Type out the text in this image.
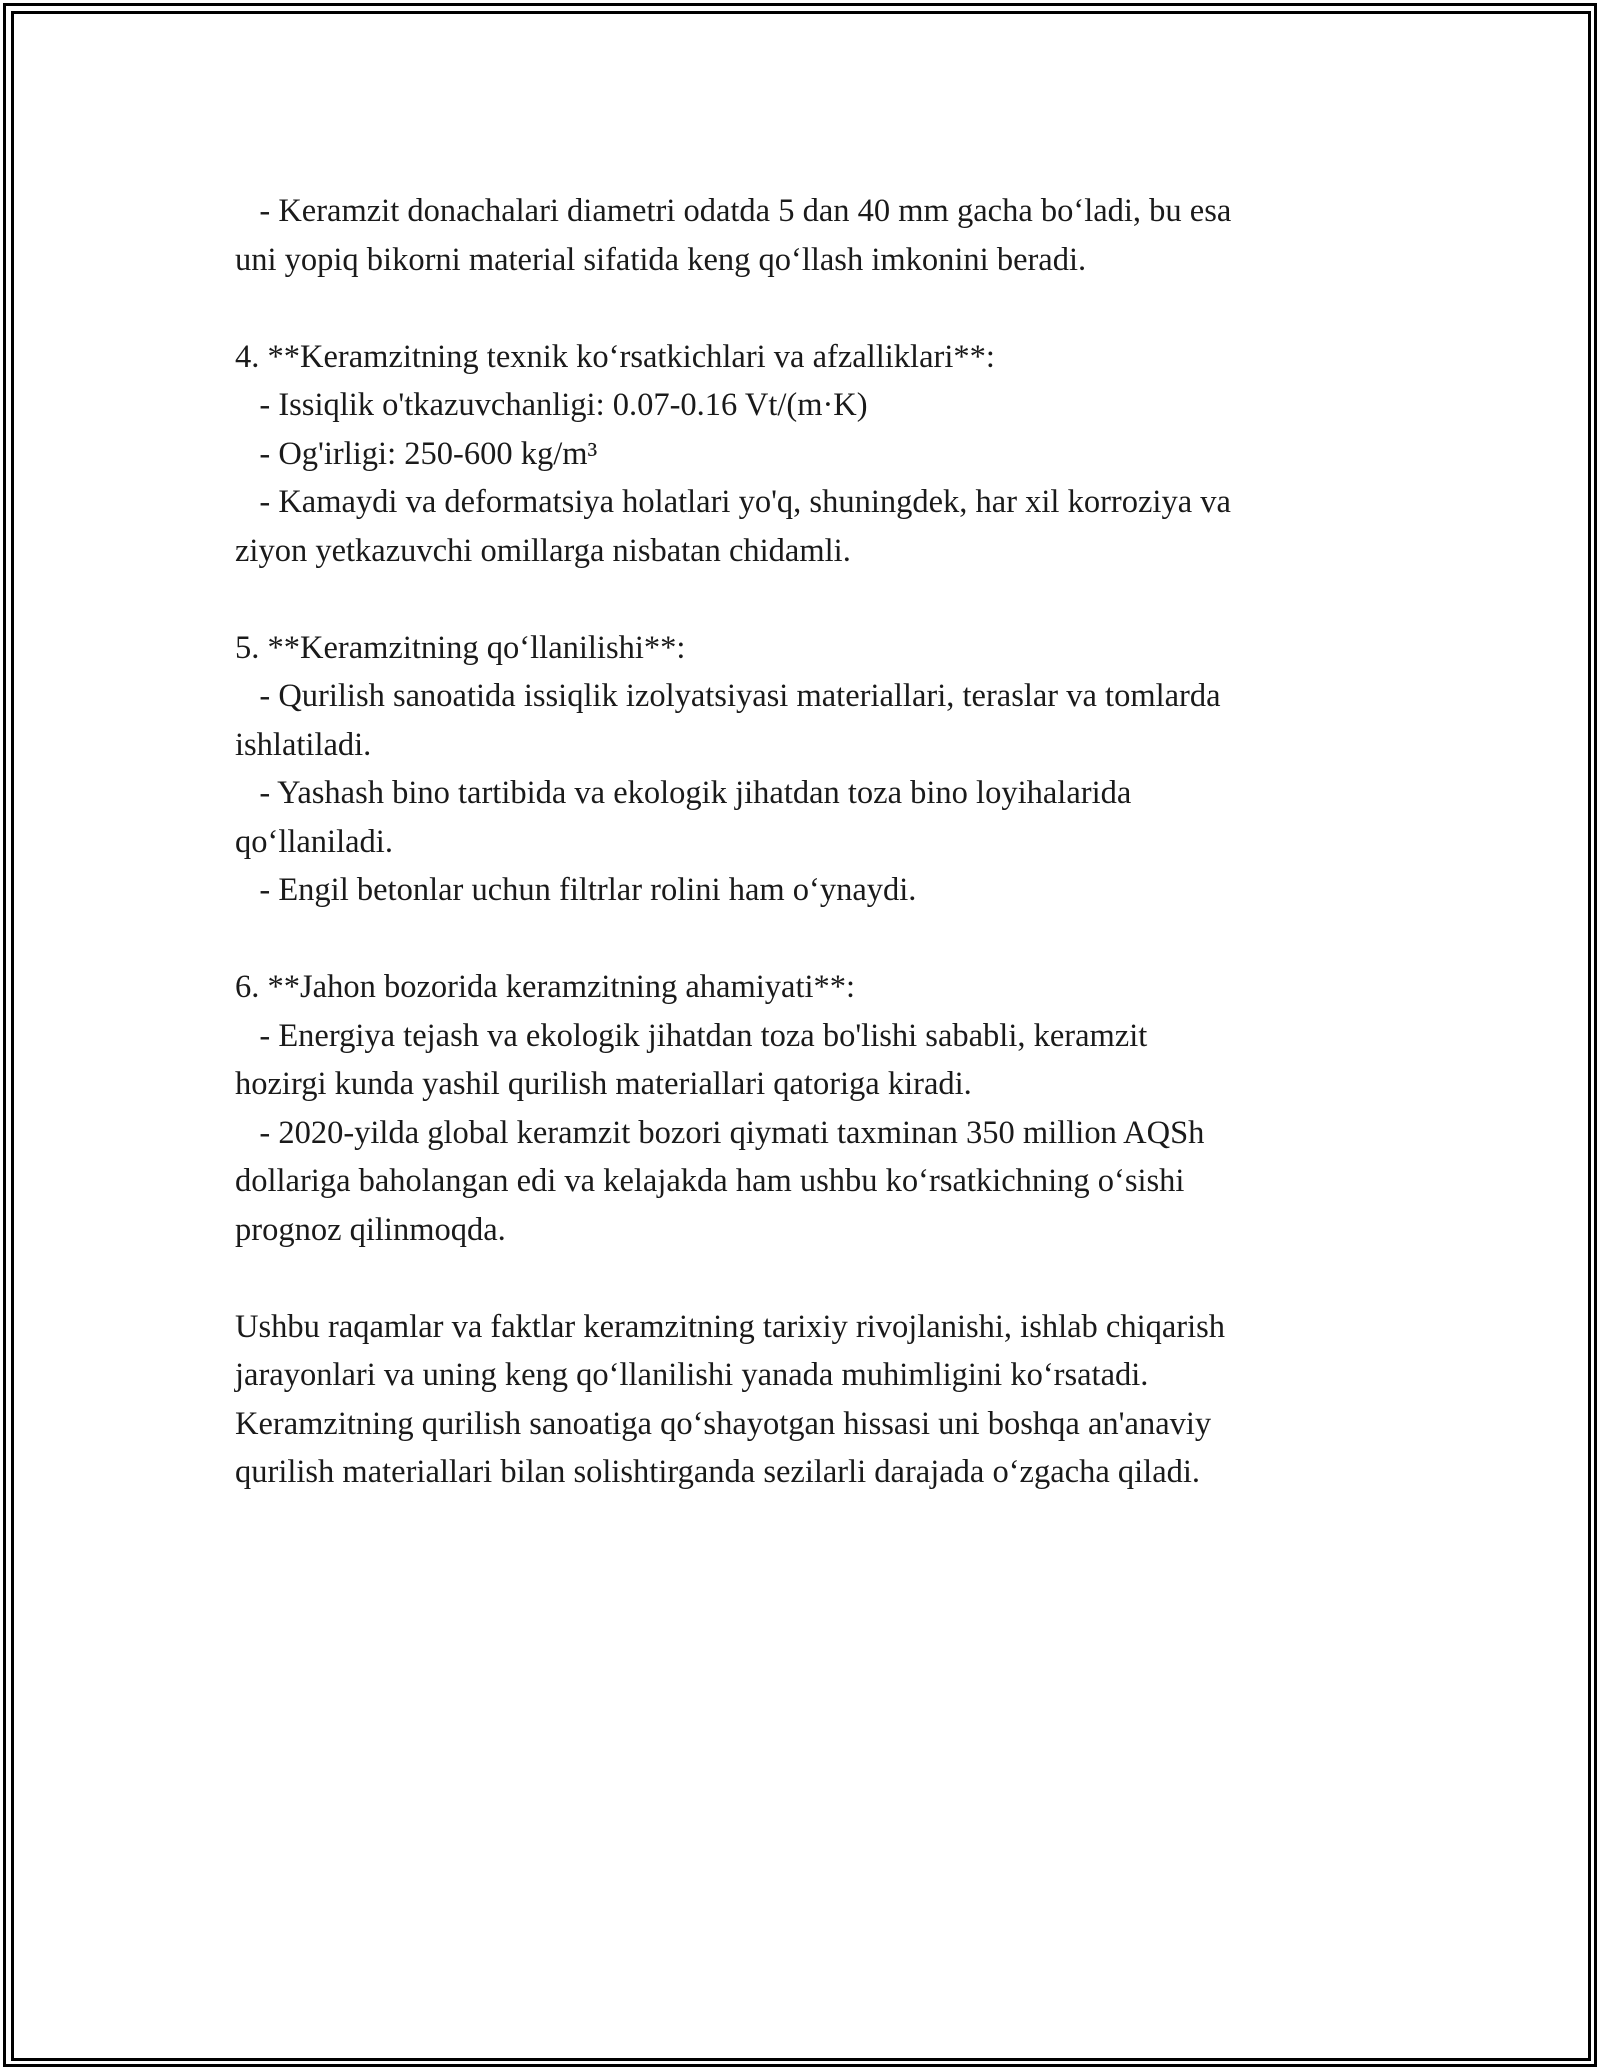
- Keramzit donachalari diametri odatda 5 dan 40 mm gacha bo‘ladi, bu esa
uni yopiq bikorni material sifatida keng qo‘llash imkonini beradi.
4. **Keramzitning texnik ko‘rsatkichlari va afzalliklari**:
- Issiqlik o'tkazuvchanligi: 0.07-0.16 Vt/(m·K)
- Og'irligi: 250-600 kg/m³
- Kamaydi va deformatsiya holatlari yo'q, shuningdek, har xil korroziya va
ziyon yetkazuvchi omillarga nisbatan chidamli.
5. **Keramzitning qo‘llanilishi**:
- Qurilish sanoatida issiqlik izolyatsiyasi materiallari, teraslar va tomlarda
ishlatiladi.
- Yashash bino tartibida va ekologik jihatdan toza bino loyihalarida
qo‘llaniladi.
- Engil betonlar uchun filtrlar rolini ham o‘ynaydi.
6. **Jahon bozorida keramzitning ahamiyati**:
- Energiya tejash va ekologik jihatdan toza bo'lishi sababli, keramzit
hozirgi kunda yashil qurilish materiallari qatoriga kiradi.
- 2020-yilda global keramzit bozori qiymati taxminan 350 million AQSh
dollariga baholangan edi va kelajakda ham ushbu ko‘rsatkichning o‘sishi
prognoz qilinmoqda.
Ushbu raqamlar va faktlar keramzitning tarixiy rivojlanishi, ishlab chiqarish
jarayonlari va uning keng qo‘llanilishi yanada muhimligini ko‘rsatadi.
Keramzitning qurilish sanoatiga qo‘shayotgan hissasi uni boshqa an'anaviy
qurilish materiallari bilan solishtirganda sezilarli darajada o‘zgacha qiladi.
